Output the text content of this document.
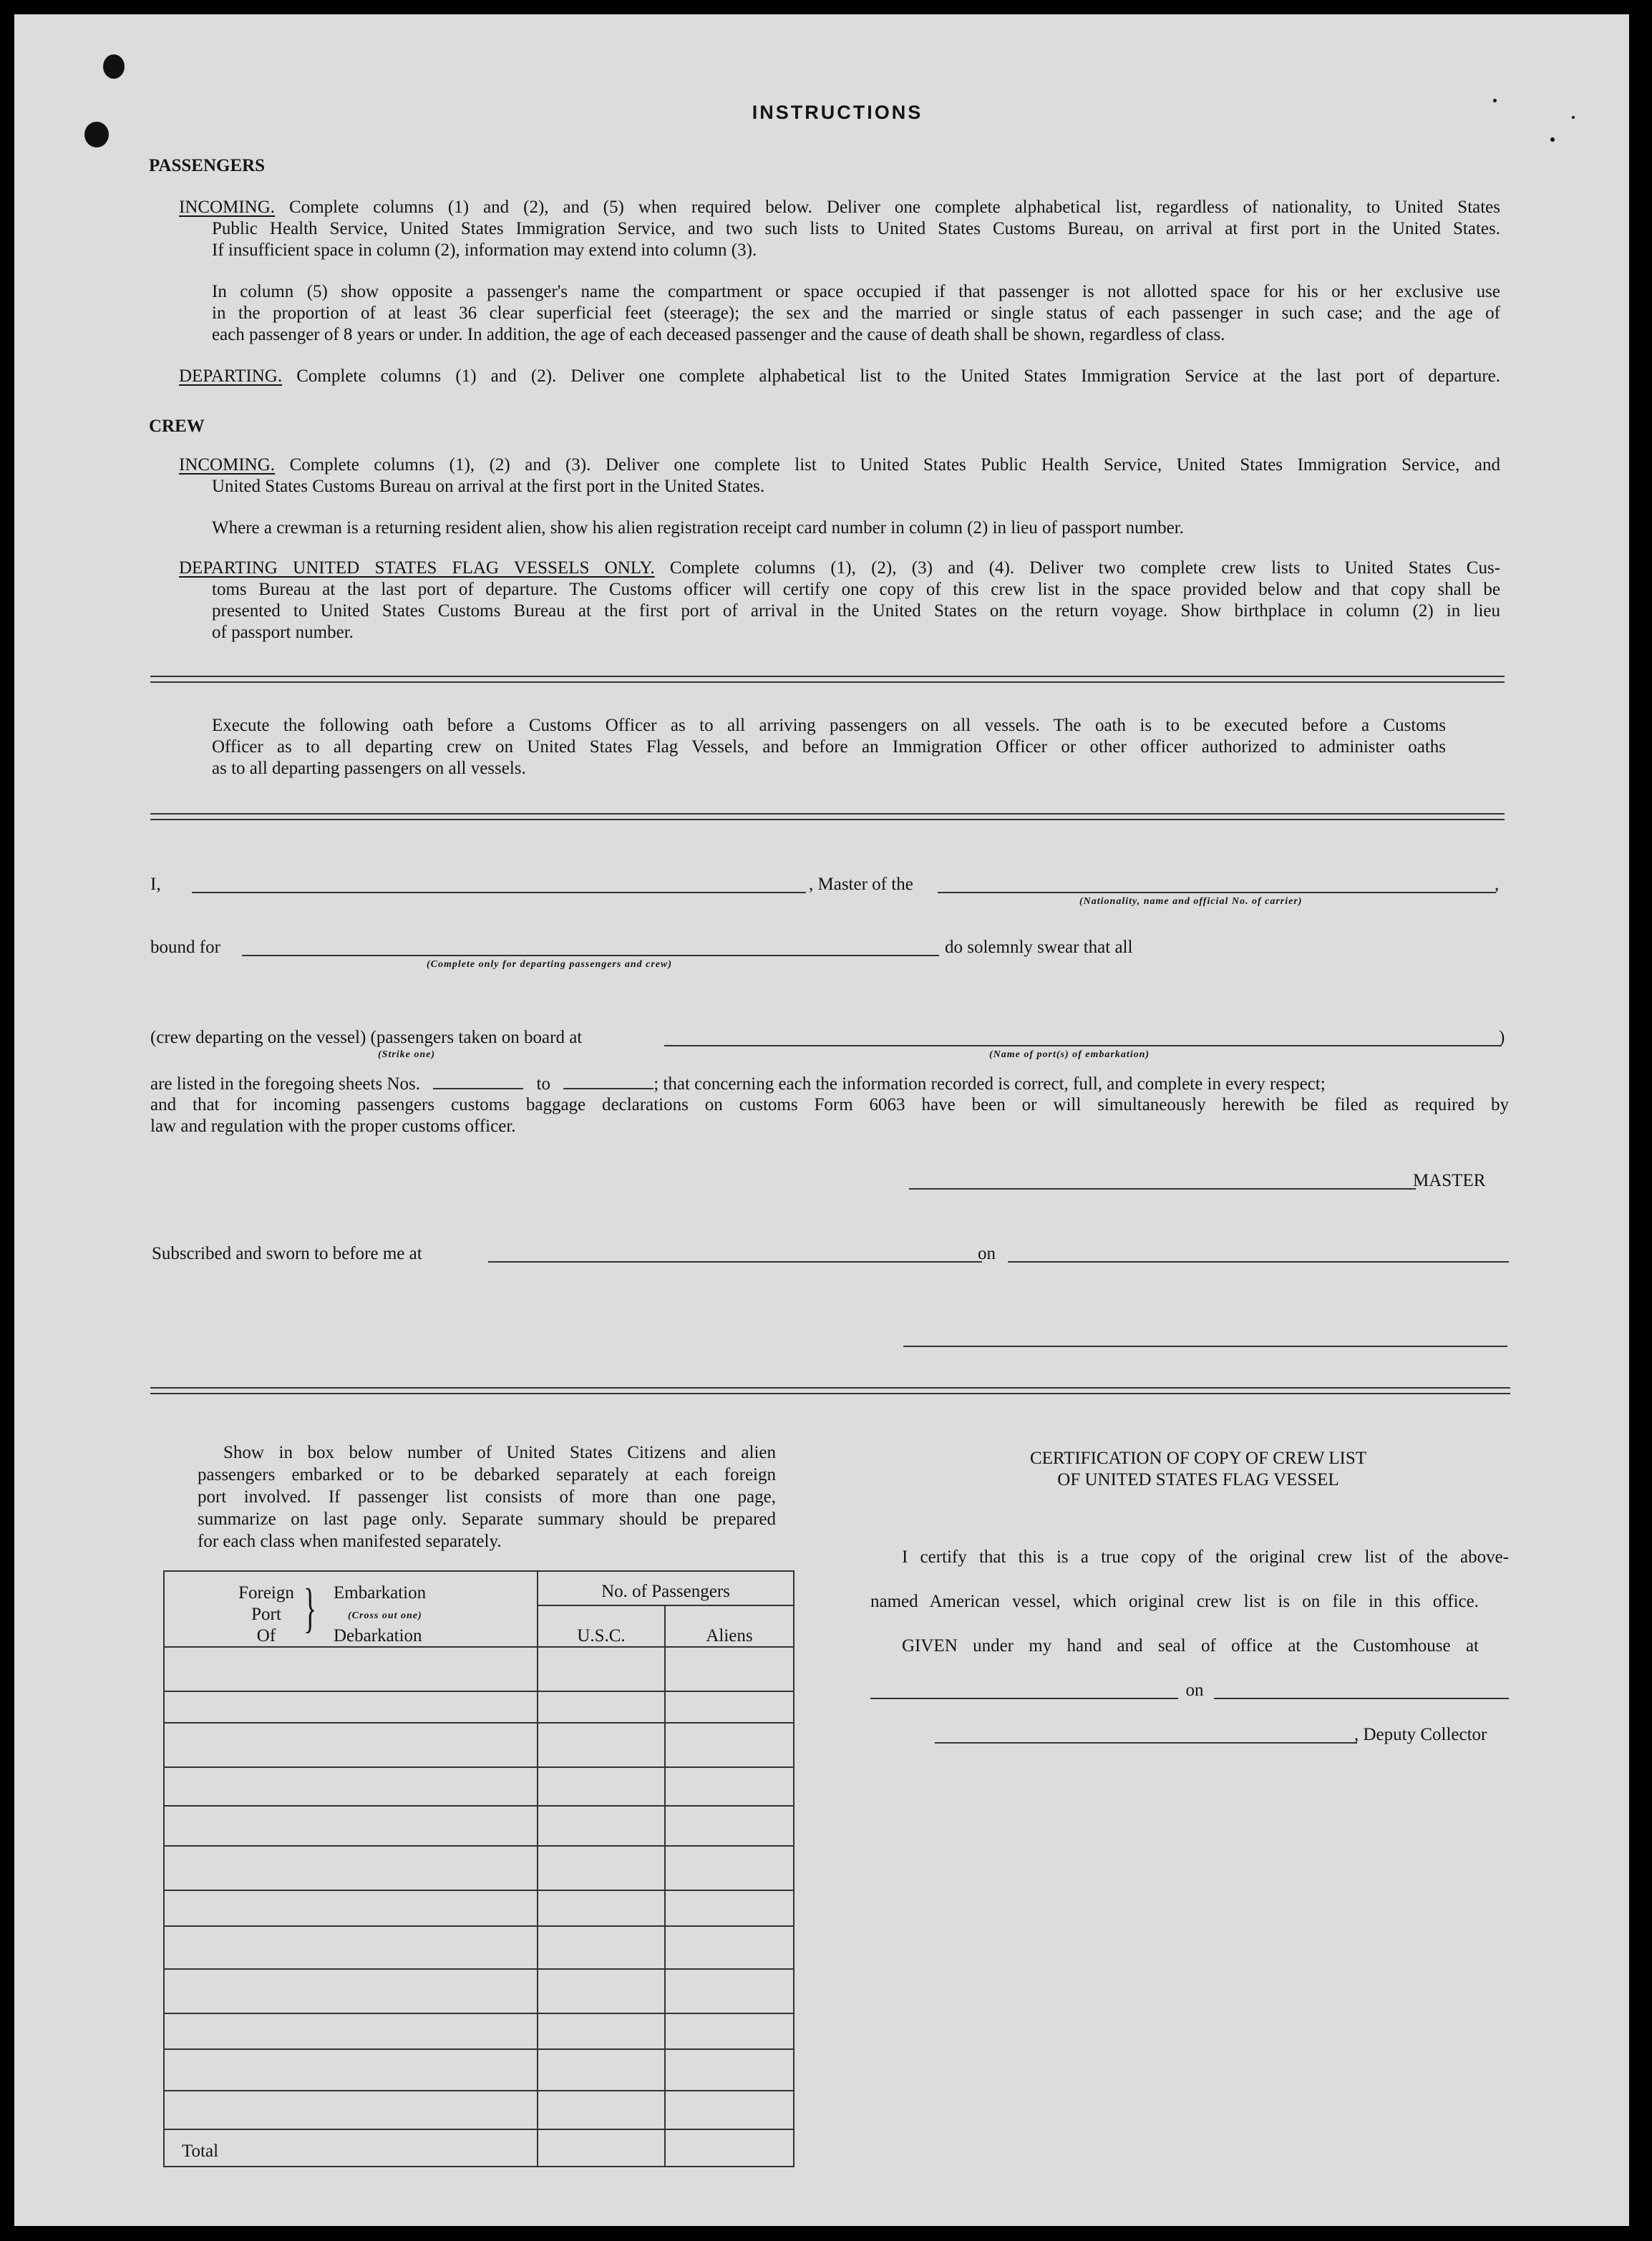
INSTRUCTIONS
PASSENGERS
INCOMING. Complete columns (1) and (2), and (5) when required below. Deliver one complete alphabetical list, regardless of nationality, to United States
Public Health Service, United States Immigration Service, and two such lists to United States Customs Bureau, on arrival at first port in the United States.
If insufficient space in column (2), information may extend into column (3).
In column (5) show opposite a passenger's name the compartment or space occupied if that passenger is not allotted space for his or her exclusive use
in the proportion of at least 36 clear superficial feet (steerage); the sex and the married or single status of each passenger in such case; and the age of
each passenger of 8 years or under. In addition, the age of each deceased passenger and the cause of death shall be shown, regardless of class.
DEPARTING. Complete columns (1) and (2). Deliver one complete alphabetical list to the United States Immigration Service at the last port of departure.
CREW
INCOMING. Complete columns (1), (2) and (3). Deliver one complete list to United States Public Health Service, United States Immigration Service, and
United States Customs Bureau on arrival at the first port in the United States.
Where a crewman is a returning resident alien, show his alien registration receipt card number in column (2) in lieu of passport number.
DEPARTING UNITED STATES FLAG VESSELS ONLY. Complete columns (1), (2), (3) and (4). Deliver two complete crew lists to United States Cus-
toms Bureau at the last port of departure. The Customs officer will certify one copy of this crew list in the space provided below and that copy shall be
presented to United States Customs Bureau at the first port of arrival in the United States on the return voyage. Show birthplace in column (2) in lieu
of passport number.
Execute the following oath before a Customs Officer as to all arriving passengers on all vessels. The oath is to be executed before a Customs
Officer as to all departing crew on United States Flag Vessels, and before an Immigration Officer or other officer authorized to administer oaths
as to all departing passengers on all vessels.
I,	, Master of the	,
(Nationality, name and official No. of carrier)
bound for	do solemnly swear that all
(Complete only for departing passengers and crew)
(crew departing on the vessel) (passengers taken on board at	)
(Strike one)	(Name of port(s) of embarkation)
are listed in the foregoing sheets Nos.	to	; that concerning each the information recorded is correct, full, and complete in every respect;
and that for incoming passengers customs baggage declarations on customs Form 6063 have been or will simultaneously herewith be filed as required by
law and regulation with the proper customs officer.
MASTER
Subscribed and sworn to before me at	on
Show in box below number of United States Citizens and alien
passengers embarked or to be debarked separately at each foreign
port involved. If passenger list consists of more than one page,
summarize on last page only. Separate summary should be prepared
for each class when manifested separately.
Foreign
Port
Of } Embarkation
(Cross out one)
Debarkation
No. of Passengers
U.S.C.	Aliens
Total
CERTIFICATION OF COPY OF CREW LIST
OF UNITED STATES FLAG VESSEL
I certify that this is a true copy of the original crew list of the above-
named American vessel, which original crew list is on file in this office.
GIVEN under my hand and seal of office at the Customhouse at
on
, Deputy Collector
